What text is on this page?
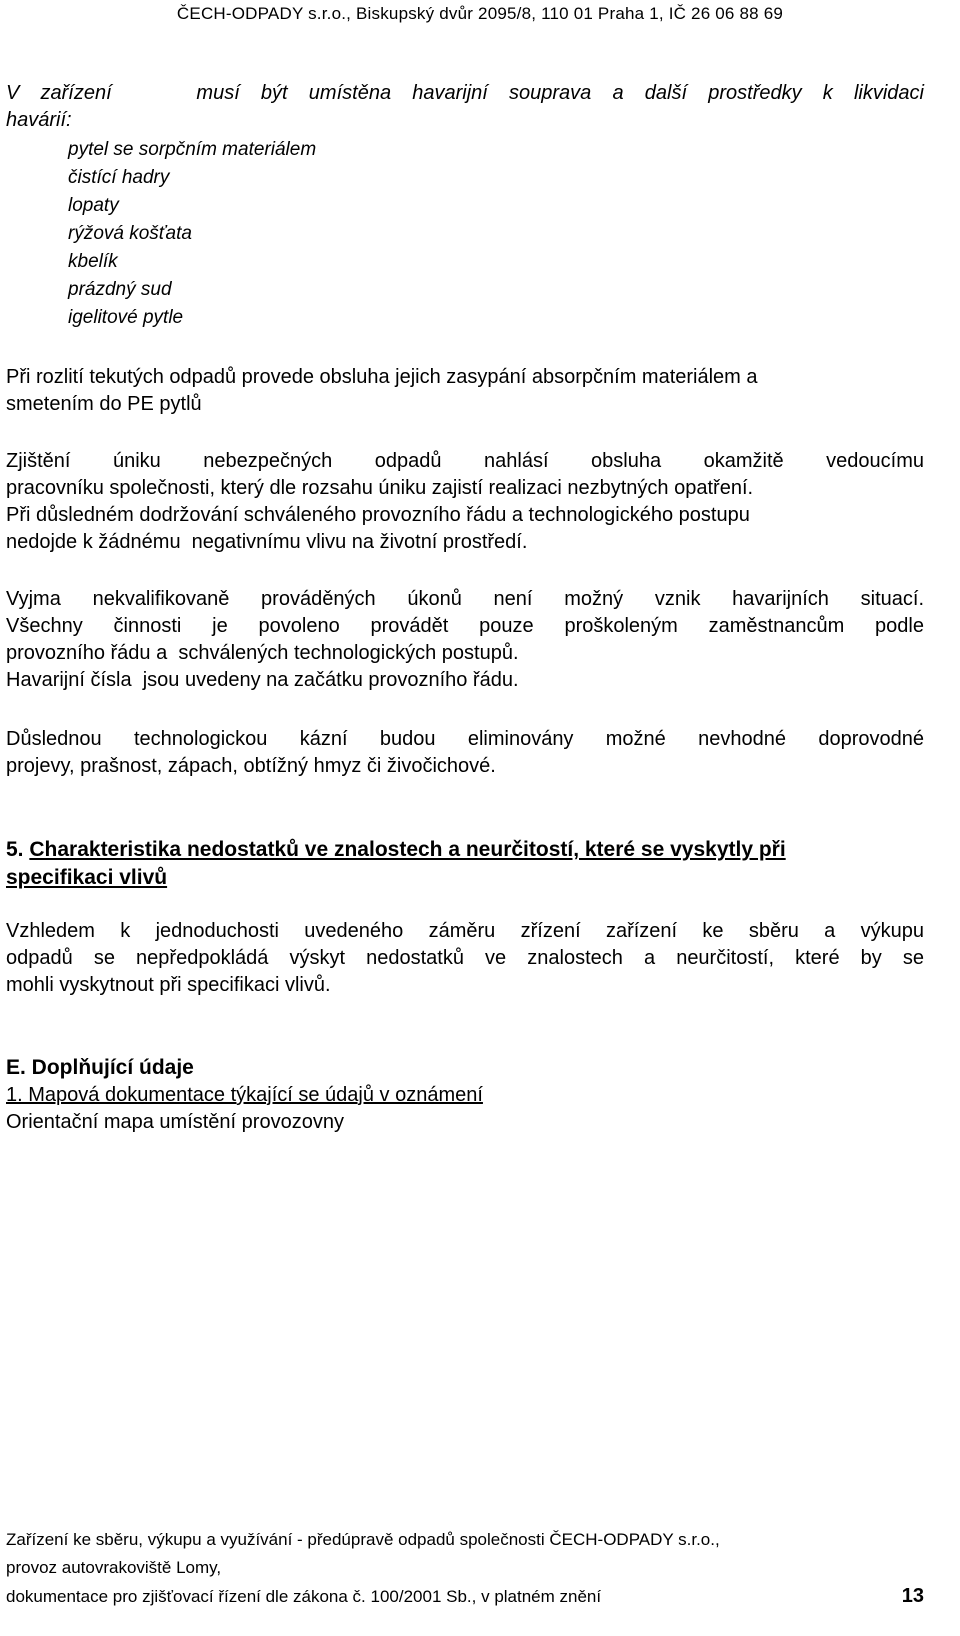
ČECH-ODPADY s.r.o., Biskupský dvůr 2095/8, 110 01 Praha 1, IČ 26 06 88 69
V zařízení    musí být umístěna havarijní souprava a další prostředky k likvidaci
havárií:
pytel se sorpčním materiálem
čistící hadry
lopaty
rýžová košťata
kbelík
prázdný sud
igelitové pytle
Při rozlití tekutých odpadů provede obsluha jejich zasypání absorpčním materiálem a
smetením do PE pytlů
Zjištění úniku nebezpečných odpadů nahlásí obsluha okamžitě vedoucímu
pracovníku společnosti, který dle rozsahu úniku zajistí realizaci nezbytných opatření.
Při důsledném dodržování schváleného provozního řádu a technologického postupu
nedojde k žádnému  negativnímu vlivu na životní prostředí.
Vyjma nekvalifikovaně prováděných úkonů není možný vznik havarijních situací.
Všechny činnosti je povoleno provádět pouze proškoleným zaměstnancům podle
provozního řádu a  schválených technologických postupů.
Havarijní čísla  jsou uvedeny na začátku provozního řádu.
Důslednou technologickou kázní budou eliminovány možné nevhodné doprovodné
projevy, prašnost, zápach, obtížný hmyz či živočichové.
5. Charakteristika nedostatků ve znalostech a neurčitostí, které se vyskytly při
specifikaci vlivů
Vzhledem k jednoduchosti uvedeného záměru zřízení zařízení ke sběru a výkupu
odpadů se nepředpokládá výskyt nedostatků ve znalostech a neurčitostí, které by se
mohli vyskytnout při specifikaci vlivů.
E. Doplňující údaje
1. Mapová dokumentace týkající se údajů v oznámení
Orientační mapa umístění provozovny
Zařízení ke sběru, výkupu a využívání - předúpravě odpadů společnosti ČECH-ODPADY s.r.o.,
provoz autovrakoviště Lomy,
dokumentace pro zjišťovací řízení dle zákona č. 100/2001 Sb., v platném znění	13
